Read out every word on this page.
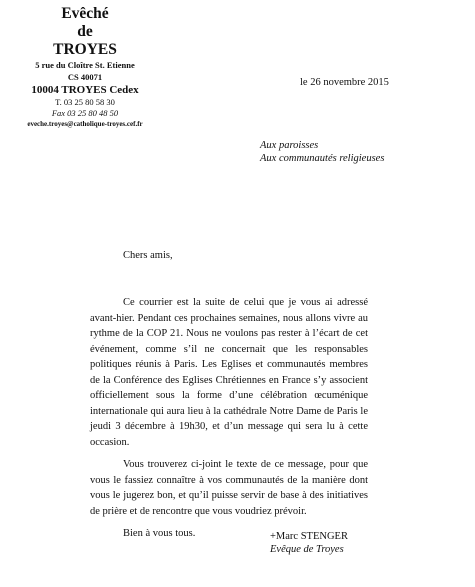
Evêché
de
TROYES
5 rue du Cloître St. Etienne
CS 40071
10004 TROYES Cedex
T. 03 25 80 58 30
Fax 03 25 80 48 50
eveche.troyes@catholique-troyes.cef.fr
le 26 novembre 2015
Aux paroisses
Aux communautés religieuses
Chers amis,

Ce courrier est la suite de celui que je vous ai adressé avant-hier. Pendant ces prochaines semaines, nous allons vivre au rythme de la COP 21. Nous ne voulons pas rester à l’écart de cet événement, comme s’il ne concernait que les responsables politiques réunis à Paris. Les Eglises et communautés membres de la Conférence des Eglises Chrétiennes en France s’y associent officiellement sous la forme d’une célébration œcuménique internationale qui aura lieu à la cathédrale Notre Dame de Paris le jeudi 3 décembre à 19h30, et d’un message qui sera lu à cette occasion.

Vous trouverez ci-joint le texte de ce message, pour que vous le fassiez connaître à vos communautés de la manière dont vous le jugerez bon, et qu’il puisse servir de base à des initiatives de prière et de rencontre que vous voudriez prévoir.

Bien à vous tous.	+Marc STENGER
Evêque de Troyes
